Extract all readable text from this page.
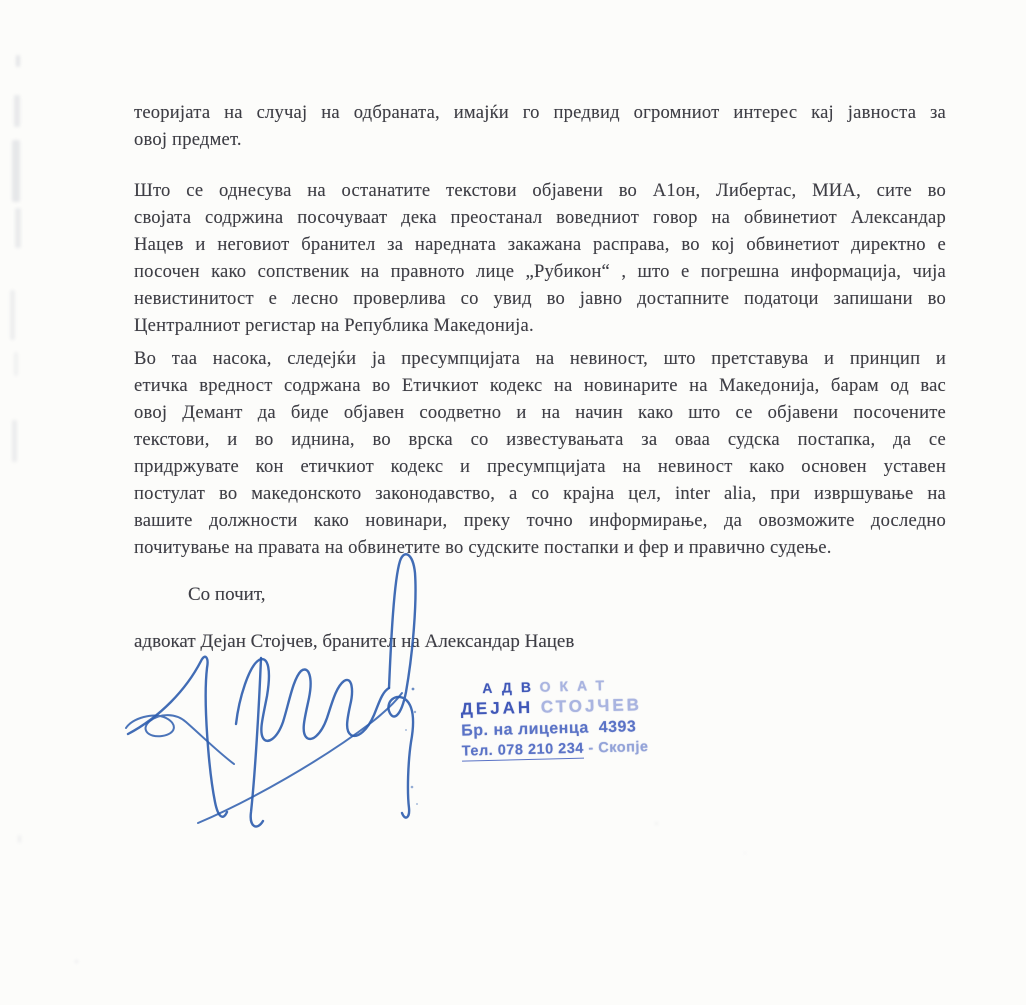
теоријата на случај на одбраната, имајќи го предвид огромниот интерес кај јавноста за
овој предмет.
Што се однесува на останатите текстови објавени во А1он, Либертас, МИА, сите во
својата содржина посочуваат дека преостанал воведниот говор на обвинетиот Александар
Нацев и неговиот бранител за наредната закажана расправа, во кој обвинетиот директно е
посочен како сопственик на правното лице „Рубикон“ , што е погрешна информација, чија
невистинитост е лесно проверлива со увид во јавно достапните податоци запишани во
Централниот регистар на Република Македонија.
Во таа насока, следејќи ја пресумпцијата на невиност, што претставува и принцип и
етичка вредност содржана во Етичкиот кодекс на новинарите на Македонија, барам од вас
овој Демант да биде објавен соодветно и на начин како што се објавени посочените
текстови, и во иднина, во врска со известувањата за оваа судска постапка, да се
придржувате кон етичкиот кодекс и пресумпцијата на невиност како основен уставен
постулат во македонското законодавство, а со крајна цел, inter alia, при извршување на
вашите должности како новинари, преку точно информирање, да овозможите доследно
почитување на правата на обвинетите во судските постапки и фер и правично судење.
Со почит,
адвокат Дејан Стојчев, бранител на Александар Нацев
АДВОКАТ
ДЕЈАН СТОЈЧЕВ
Бр. на лиценца 4393
Тел. 078 210 234 - Скопје
